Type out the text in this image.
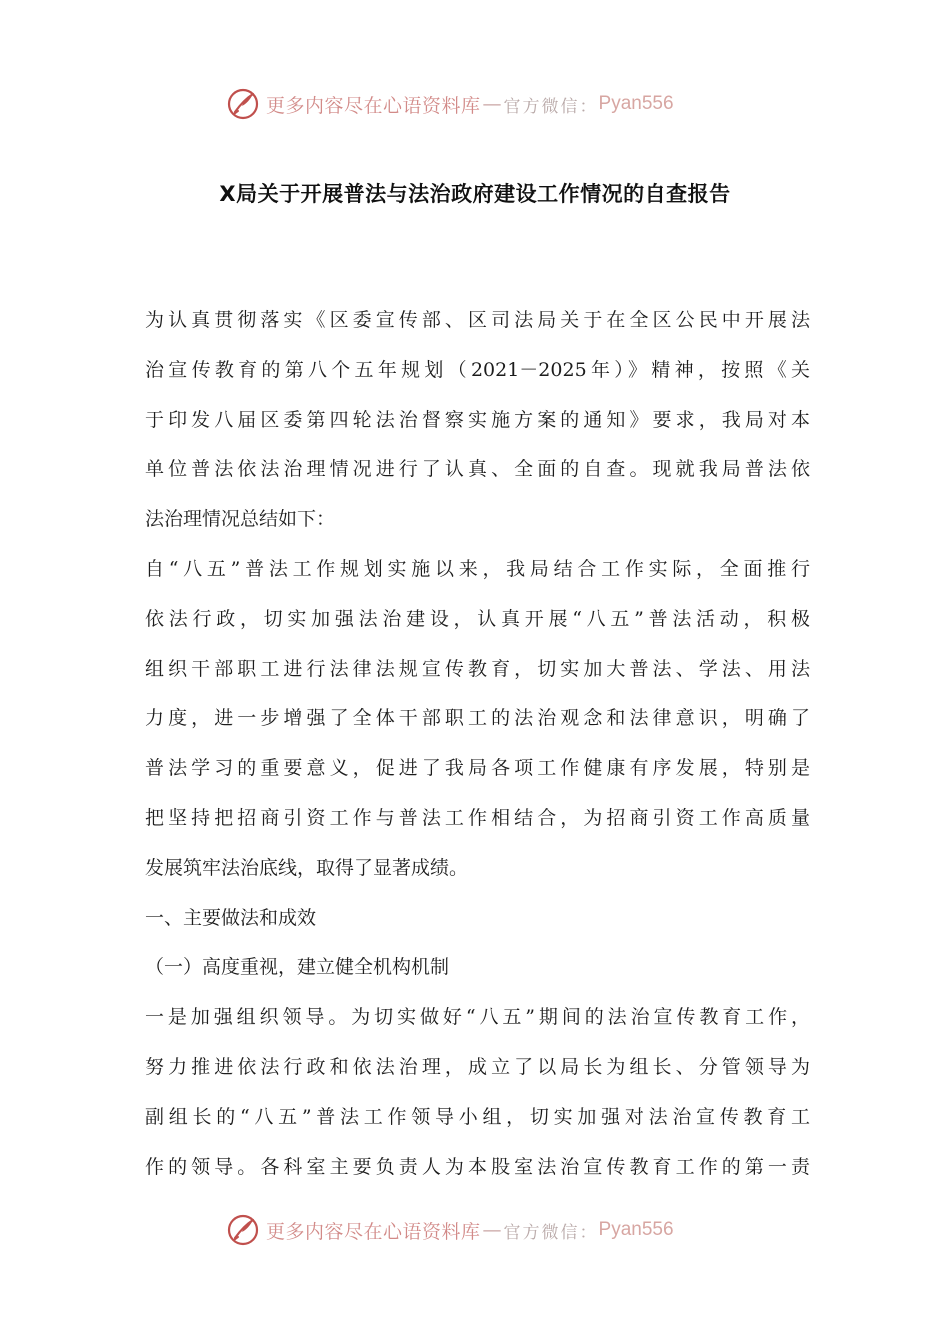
更多内容尽在心语资料库 — 官方微信： Pyan556
X局关于开展普法与法治政府建设工作情况的自查报告
为认真贯彻落实《区委宣传部、区司法局关于在全区公民中开展法
治宣传教育的第八个五年规划（2021－2025年）》精神，按照《关
于印发八届区委第四轮法治督察实施方案的通知》要求，我局对本
单位普法依法治理情况进行了认真、全面的自查。现就我局普法依
法治理情况总结如下：
自“八五”普法工作规划实施以来，我局结合工作实际，全面推行
依法行政，切实加强法治建设，认真开展“八五”普法活动，积极
组织干部职工进行法律法规宣传教育，切实加大普法、学法、用法
力度，进一步增强了全体干部职工的法治观念和法律意识，明确了
普法学习的重要意义，促进了我局各项工作健康有序发展，特别是
把坚持把招商引资工作与普法工作相结合，为招商引资工作高质量
发展筑牢法治底线，取得了显著成绩。
一、主要做法和成效
（一）高度重视，建立健全机构机制
一是加强组织领导。为切实做好“八五”期间的法治宣传教育工作，
努力推进依法行政和依法治理，成立了以局长为组长、分管领导为
副组长的“八五”普法工作领导小组，切实加强对法治宣传教育工
作的领导。各科室主要负责人为本股室法治宣传教育工作的第一责
更多内容尽在心语资料库 — 官方微信： Pyan556
